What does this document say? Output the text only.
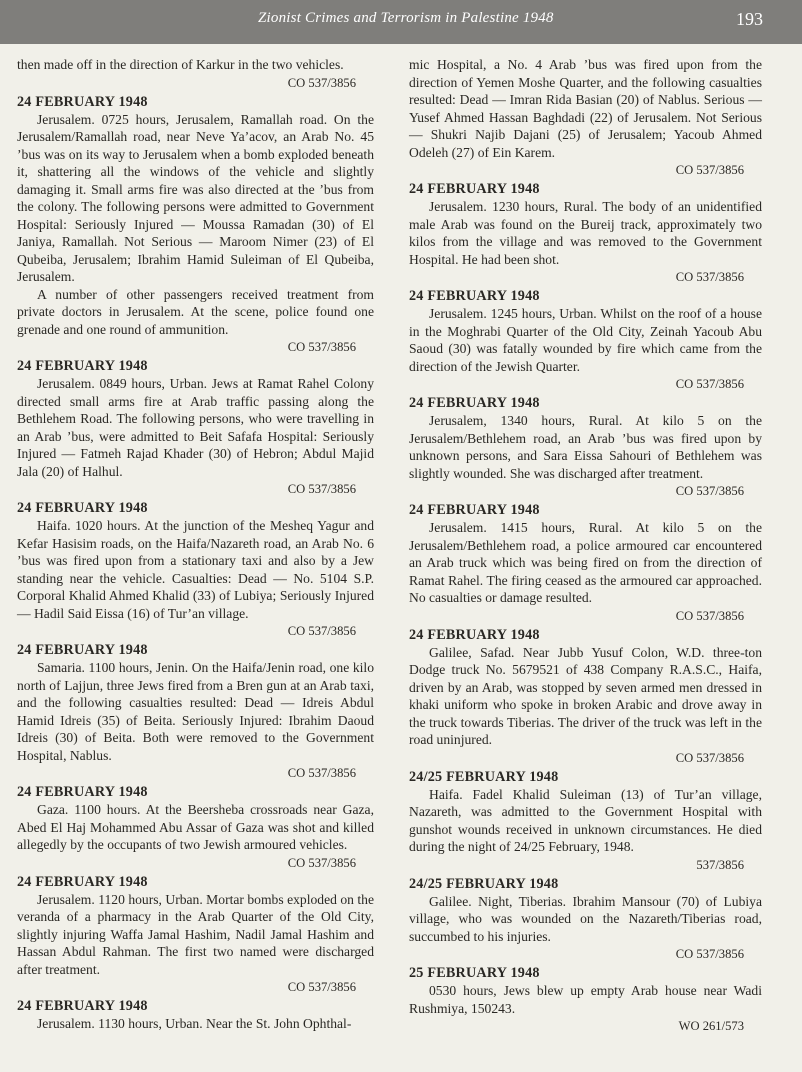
Zionist Crimes and Terrorism in Palestine 1948	193

then made off in the direction of Karkur in the two vehicles.

CO 537/3856
24 FEBRUARY 1948

Jerusalem. 0725 hours, Jerusalem, Ramallah road. On the Jerusalem/Ramallah road, near Neve Ya’acov, an Arab No. 45 ’bus was on its way to Jerusalem when a bomb exploded beneath it, shattering all the windows of the vehicle and slightly damaging it. Small arms fire was also directed at the ’bus from the colony. The following persons were admitted to Government Hospital: Seriously Injured — Moussa Ramadan (30) of El Janiya, Ramallah. Not Serious — Maroom Nimer (23) of El Qubeiba, Jerusalem; Ibrahim Hamid Suleiman of El Qubeiba, Jerusalem.

A number of other passengers received treatment from private doctors in Jerusalem. At the scene, police found one grenade and one round of ammunition.

CO 537/3856
24 FEBRUARY 1948

Jerusalem. 0849 hours, Urban. Jews at Ramat Rahel Colony directed small arms fire at Arab traffic passing along the Bethlehem Road. The following persons, who were travelling in an Arab ’bus, were admitted to Beit Safafa Hospital: Seriously Injured — Fatmeh Rajad Khader (30) of Hebron; Abdul Majid Jala (20) of Halhul.

CO 537/3856
24 FEBRUARY 1948

Haifa. 1020 hours. At the junction of the Mesheq Yagur and Kefar Hasisim roads, on the Haifa/Nazareth road, an Arab No. 6 ’bus was fired upon from a stationary taxi and also by a Jew standing near the vehicle. Casualties: Dead — No. 5104 S.P. Corporal Khalid Ahmed Khalid (33) of Lubiya; Seriously Injured — Hadil Said Eissa (16) of Tur’an village.

CO 537/3856
24 FEBRUARY 1948

Samaria. 1100 hours, Jenin. On the Haifa/Jenin road, one kilo north of Lajjun, three Jews fired from a Bren gun at an Arab taxi, and the following casualties resulted: Dead — Idreis Abdul Hamid Idreis (35) of Beita. Seriously Injured: Ibrahim Daoud Idreis (30) of Beita. Both were removed to the Government Hospital, Nablus.

CO 537/3856
24 FEBRUARY 1948

Gaza. 1100 hours. At the Beersheba crossroads near Gaza, Abed El Haj Mohammed Abu Assar of Gaza was shot and killed allegedly by the occupants of two Jewish armoured vehicles.

CO 537/3856
24 FEBRUARY 1948

Jerusalem. 1120 hours, Urban. Mortar bombs exploded on the veranda of a pharmacy in the Arab Quarter of the Old City, slightly injuring Waffa Jamal Hashim, Nadil Jamal Hashim and Hassan Abdul Rahman. The first two named were discharged after treatment.

CO 537/3856
24 FEBRUARY 1948

Jerusalem. 1130 hours, Urban. Near the St. John Ophthal-

mic Hospital, a No. 4 Arab ’bus was fired upon from the direction of Yemen Moshe Quarter, and the following casualties resulted: Dead — Imran Rida Basian (20) of Nablus. Serious — Yusef Ahmed Hassan Baghdadi (22) of Jerusalem. Not Serious — Shukri Najib Dajani (25) of Jerusalem; Yacoub Ahmed Odeleh (27) of Ein Karem.

CO 537/3856
24 FEBRUARY 1948

Jerusalem. 1230 hours, Rural. The body of an unidentified male Arab was found on the Bureij track, approximately two kilos from the village and was removed to the Government Hospital. He had been shot.

CO 537/3856
24 FEBRUARY 1948

Jerusalem. 1245 hours, Urban. Whilst on the roof of a house in the Moghrabi Quarter of the Old City, Zeinah Yacoub Abu Saoud (30) was fatally wounded by fire which came from the direction of the Jewish Quarter.

CO 537/3856
24 FEBRUARY 1948

Jerusalem, 1340 hours, Rural. At kilo 5 on the Jerusalem/Bethlehem road, an Arab ’bus was fired upon by unknown persons, and Sara Eissa Sahouri of Bethlehem was slightly wounded. She was discharged after treatment.

CO 537/3856
24 FEBRUARY 1948

Jerusalem. 1415 hours, Rural. At kilo 5 on the Jerusalem/Bethlehem road, a police armoured car encountered an Arab truck which was being fired on from the direction of Ramat Rahel. The firing ceased as the armoured car approached. No casualties or damage resulted.

CO 537/3856
24 FEBRUARY 1948

Galilee, Safad. Near Jubb Yusuf Colon, W.D. three-ton Dodge truck No. 5679521 of 438 Company R.A.S.C., Haifa, driven by an Arab, was stopped by seven armed men dressed in khaki uniform who spoke in broken Arabic and drove away in the truck towards Tiberias. The driver of the truck was left in the road uninjured.

CO 537/3856
24/25 FEBRUARY 1948

Haifa. Fadel Khalid Suleiman (13) of Tur’an village, Nazareth, was admitted to the Government Hospital with gunshot wounds received in unknown circumstances. He died during the night of 24/25 February, 1948.

537/3856
24/25 FEBRUARY 1948

Galilee. Night, Tiberias. Ibrahim Mansour (70) of Lubiya village, who was wounded on the Nazareth/Tiberias road, succumbed to his injuries.

CO 537/3856
25 FEBRUARY 1948

0530 hours, Jews blew up empty Arab house near Wadi Rushmiya, 150243.

WO 261/573
